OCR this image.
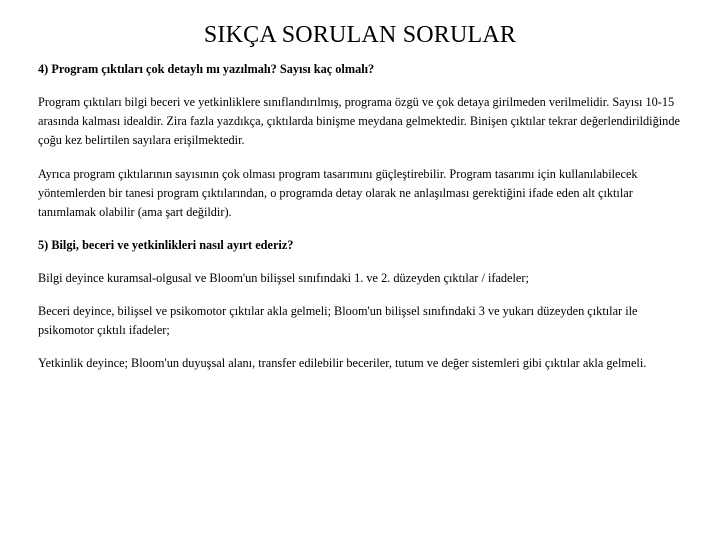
SIKÇA SORULAN SORULAR

4) Program çıktıları çok detaylı mı yazılmalı? Sayısı kaç olmalı?

Program çıktıları bilgi beceri ve yetkinliklere sınıflandırılmış, programa özgü ve çok detaya girilmeden verilmelidir. Sayısı 10-15 arasında kalması idealdir. Zira fazla yazdıkça, çıktılarda binişme meydana gelmektedir. Binişen çıktılar tekrar değerlendirildiğinde çoğu kez belirtilen sayılara erişilmektedir.

Ayrıca program çıktılarının sayısının çok olması program tasarımını güçleştirebilir. Program tasarımı için kullanılabilecek yöntemlerden bir tanesi program çıktılarından, o programda detay olarak ne anlaşılması gerektiğini ifade eden alt çıktılar tanımlamak olabilir (ama şart değildir).

5) Bilgi, beceri ve yetkinlikleri nasıl ayırt ederiz?

Bilgi deyince kuramsal-olgusal ve Bloom'un bilişsel sınıfındaki 1. ve 2. düzeyden çıktılar / ifadeler;

Beceri deyince, bilişsel ve psikomotor çıktılar akla gelmeli; Bloom'un bilişsel sınıfındaki 3 ve yukarı düzeyden çıktılar ile psikomotor çıktılı ifadeler;

Yetkinlik deyince; Bloom'un duyuşsal alanı, transfer edilebilir beceriler, tutum ve değer sistemleri gibi çıktılar akla gelmeli.
